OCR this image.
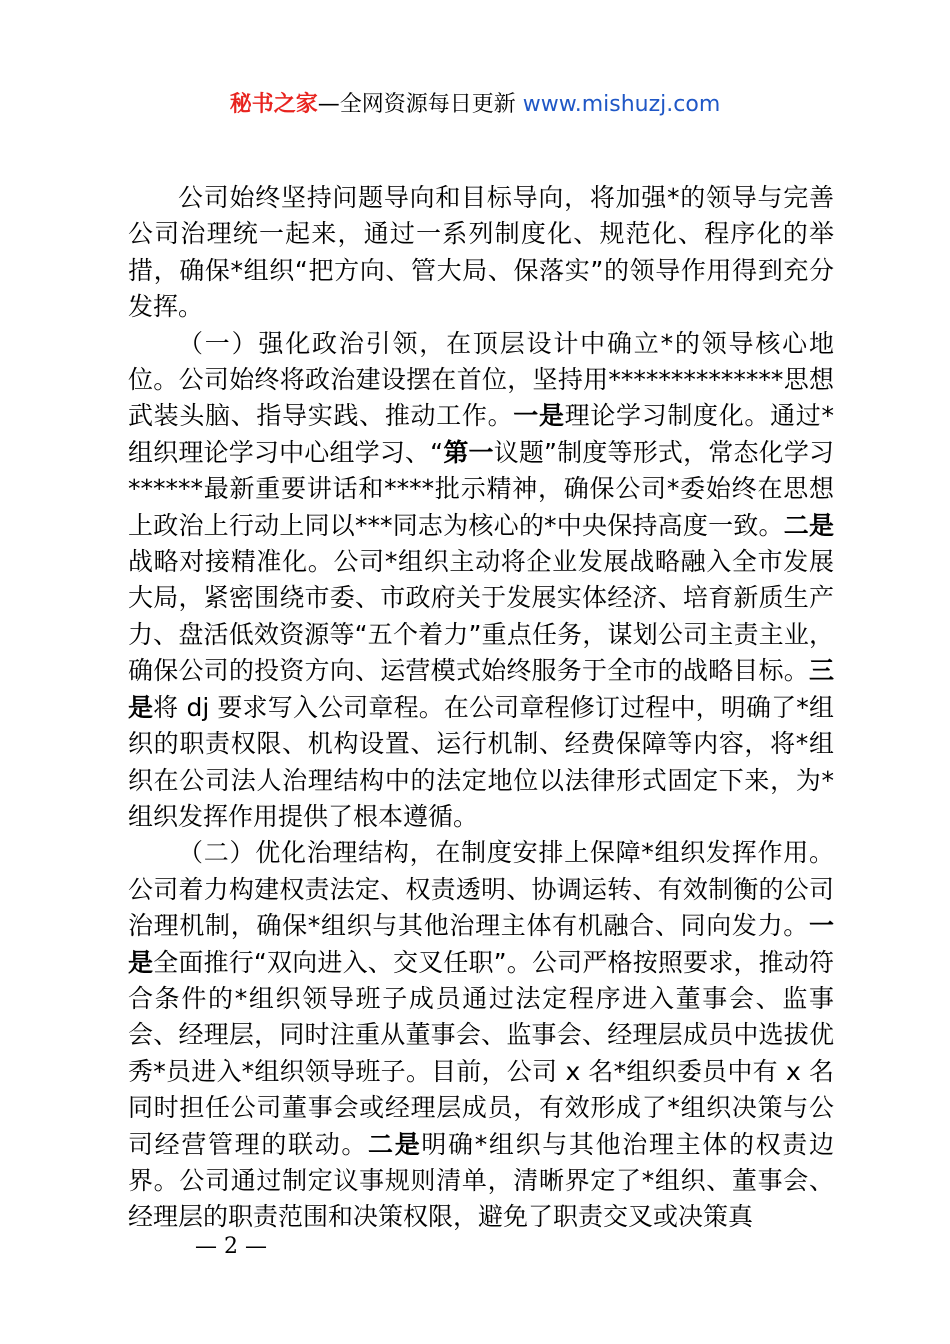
秘书之家—全网资源每日更新 www.mishuzj.com

公司始终坚持问题导向和目标导向，将加强*的领导与完善公司治理统一起来，通过一系列制度化、规范化、程序化的举措，确保*组织“把方向、管大局、保落实”的领导作用得到充分发挥。

（一）强化政治引领，在顶层设计中确立*的领导核心地位。公司始终将政治建设摆在首位，坚持用**************思想武装头脑、指导实践、推动工作。一是理论学习制度化。通过*组织理论学习中心组学习、“第一议题”制度等形式，常态化学习******最新重要讲话和****批示精神，确保公司*委始终在思想上政治上行动上同以***同志为核心的*中央保持高度一致。二是战略对接精准化。公司*组织主动将企业发展战略融入全市发展大局，紧密围绕市委、市政府关于发展实体经济、培育新质生产力、盘活低效资源等“五个着力”重点任务，谋划公司主责主业，确保公司的投资方向、运营模式始终服务于全市的战略目标。三是将 dj 要求写入公司章程。在公司章程修订过程中，明确了*组织的职责权限、机构设置、运行机制、经费保障等内容，将*组织在公司法人治理结构中的法定地位以法律形式固定下来，为*组织发挥作用提供了根本遵循。

（二）优化治理结构，在制度安排上保障*组织发挥作用。公司着力构建权责法定、权责透明、协调运转、有效制衡的公司治理机制，确保*组织与其他治理主体有机融合、同向发力。一是全面推行“双向进入、交叉任职”。公司严格按照要求，推动符合条件的*组织领导班子成员通过法定程序进入董事会、监事会、经理层，同时注重从董事会、监事会、经理层成员中选拔优秀*员进入*组织领导班子。目前，公司 x 名*组织委员中有 x 名同时担任公司董事会或经理层成员，有效形成了*组织决策与公司经营管理的联动。二是明确*组织与其他治理主体的权责边界。公司通过制定议事规则清单，清晰界定了*组织、董事会、经理层的职责范围和决策权限，避免了职责交叉或决策真

— 2 —
